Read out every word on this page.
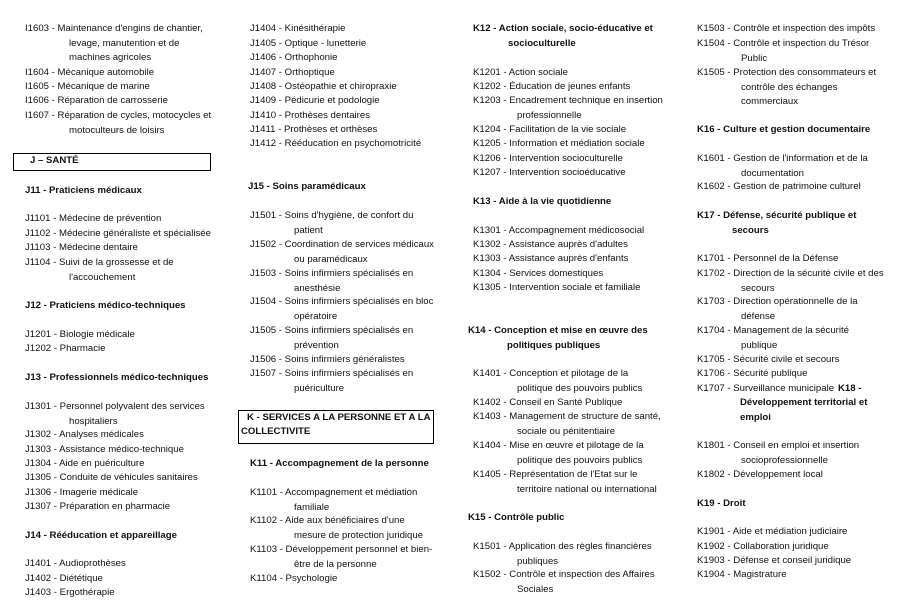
I1603 - Maintenance d'engins de chantier,
levage, manutention et de
machines agricoles
I1604 - Mécanique automobile
I1605 - Mécanique de marine
I1606 - Réparation de carrosserie
I1607 - Réparation de cycles, motocycles et
motoculteurs de loisirs
J – SANTÉ
J11 - Praticiens médicaux
J1101 - Médecine de prévention
J1102 - Médecine généraliste et spécialisée
J1103 - Médecine dentaire
J1104 - Suivi de la grossesse et de
l'accouchement
J12 - Praticiens médico-techniques
J1201 - Biologie médicale
J1202 - Pharmacie
J13 - Professionnels médico-techniques
J1301 - Personnel polyvalent des services
hospitaliers
J1302 - Analyses médicales
J1303 - Assistance médico-technique
J1304 - Aide en puériculture
J1305 - Conduite de véhicules sanitaires
J1306 - Imagerie médicale
J1307 - Préparation en pharmacie
J14 - Rééducation et appareillage
J1401 - Audioprothèses
J1402 - Diététique
J1403 - Ergothérapie
J1404 - Kinésithérapie
J1405 - Optique - lunetterie
J1406 - Orthophonie
J1407 - Orthoptique
J1408 - Ostéopathie et chiropraxie
J1409 - Pédicurie et podologie
J1410 - Prothèses dentaires
J1411 - Prothèses et orthèses
J1412 - Rééducation en psychomotricité
J15 - Soins paramédicaux
J1501 - Soins d'hygiène, de confort du
patient
J1502 - Coordination de services médicaux
ou paramédicaux
J1503 - Soins infirmiers spécialisés en
anesthésie
J1504 - Soins infirmiers spécialisés en bloc
opératoire
J1505 - Soins infirmiers spécialisés en
prévention
J1506 - Soins infirmiers généralistes
J1507 - Soins infirmiers spécialisés en
puériculture
K - SERVICES A LA PERSONNE ET A LA
COLLECTIVITE
K11 - Accompagnement de la personne
K1101 - Accompagnement et médiation
familiale
K1102 - Aide aux bénéficiaires d'une
mesure de protection juridique
K1103 - Développement personnel et bien-
être de la personne
K1104 - Psychologie
K12 - Action sociale, socio-éducative et
socioculturelle
K1201 - Action sociale
K1202 - Éducation de jeunes enfants
K1203 - Encadrement technique en insertion
professionnelle
K1204 - Facilitation de la vie sociale
K1205 - Information et médiation sociale
K1206 - Intervention socioculturelle
K1207 - Intervention socioéducative
K13 - Aide à la vie quotidienne
K1301 - Accompagnement médicosocial
K1302 - Assistance auprès d'adultes
K1303 - Assistance auprès d'enfants
K1304 - Services domestiques
K1305 - Intervention sociale et familiale
K14 - Conception et mise en œuvre des
politiques publiques
K1401 - Conception et pilotage de la
politique des pouvoirs publics
K1402 - Conseil en Santé Publique
K1403 - Management de structure de santé,
sociale ou pénitentiaire
K1404 - Mise en œuvre et pilotage de la
politique des pouvoirs publics
K1405 - Représentation de l'Etat sur le
territoire national ou international
K15 - Contrôle public
K1501 - Application des règles financières
publiques
K1502 - Contrôle et inspection des Affaires
Sociales
K1503 - Contrôle et inspection des impôts
K1504 - Contrôle et inspection du Trésor
Public
K1505 - Protection des consommateurs et
contrôle des échanges
commerciaux
K16 - Culture et gestion documentaire
K1601 - Gestion de l'information et de la
documentation
K1602 - Gestion de patrimoine culturel
K17 - Défense, sécurité publique et
secours
K1701 - Personnel de la Défense
K1702 - Direction de la sécurité civile et des
secours
K1703 - Direction opérationnelle de la
défense
K1704 - Management de la sécurité
publique
K1705 - Sécurité civile et secours
K1706 - Sécurité publique
K1707 - Surveillance municipale K18 -
Développement territorial et
emploi
K1801 - Conseil en emploi et insertion
socioprofessionnelle
K1802 - Développement local
K19 - Droit
K1901 - Aide et médiation judiciaire
K1902 - Collaboration juridique
K1903 - Défense et conseil juridique
K1904 - Magistrature
